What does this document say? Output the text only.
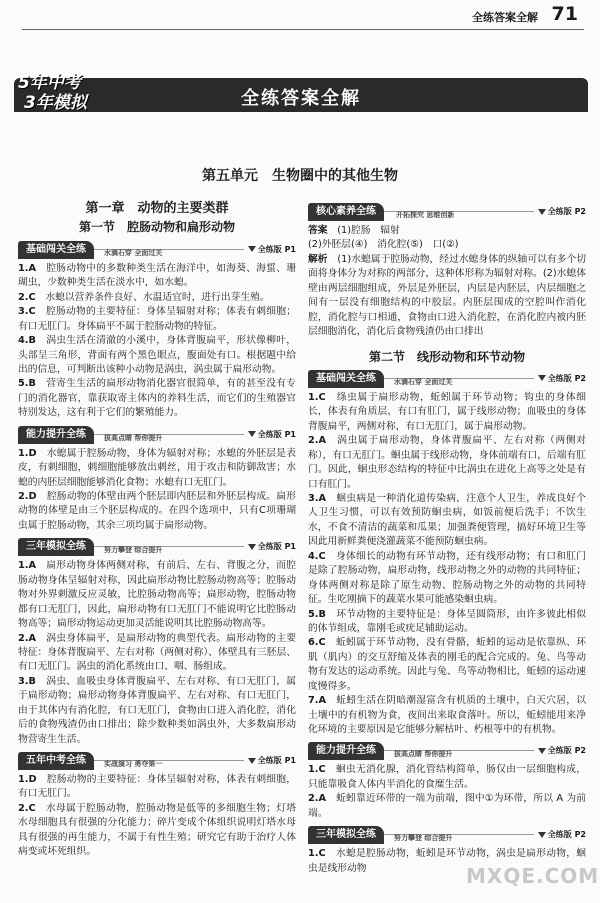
全练答案全解 71
5年中考
3年模拟	全练答案全解
第五单元　生物圈中的其他生物
第一章　动物的主要类群
第一节　腔肠动物和扁形动物
基础闯关全练	水滴石穿 全面过关	全练版 P1

1.A　 腔肠动物中的多数种类生活在海洋中，如海葵、海蜇、珊瑚虫，少数种类生活在淡水中，如水螅。

2.C　 水螅以营养条件良好、水温适宜时，进行出芽生殖。

3.C　 腔肠动物的主要特征：身体呈辐射对称；体表有刺细胞；有口无肛门。身体扁平不属于腔肠动物的特征。

4.B　 涡虫生活在清澈的小溪中，身体背腹扁平，形状像柳叶，头部呈三角形，背面有两个黑色眼点，腹面处有口。根据题中给出的信息，可判断出该种小动物是涡虫，涡虫属于扁形动物。

5.B　 营寄生生活的扁形动物消化器官很简单，有的甚至没有专门的消化器官，靠获取寄主体内的养料生活，而它们的生殖器官特别发达，这有利于它们的繁殖能力。

能力提升全练	拔高点睛 帮你提升	全练版 P1

1.D　 水螅属于腔肠动物，身体为辐射对称；水螅的外胚层是表皮，有刺细胞，刺细胞能够放出刺丝，用于攻击和防御敌害；水螅的内胚层细胞能够消化食物；水螅有口无肛门。

2.D　 腔肠动物的体壁由两个胚层即内胚层和外胚层构成。扁形动物的体壁是由三个胚层构成的。在四个选项中，只有C项珊瑚虫属于腔肠动物，其余三项均属于扁形动物。

三年模拟全练	努力攀登 综合提升	全练版 P1

1.A　 扁形动物身体两侧对称，有前后、左右、背腹之分，而腔肠动物身体呈辐射对称，因此扁形动物比腔肠动物高等；腔肠动物对外界刺激反应灵敏，比腔肠动物高等；扁形动物，腔肠动物都有口无肛门，因此，扁形动物有口无肛门不能说明它比腔肠动物高等；扁形动物运动更加灵活能说明其比腔肠动物高等。

2.A　 涡虫身体扁平，是扁形动物的典型代表。扁形动物的主要特征：身体背腹扁平、左右对称（两侧对称）、体壁具有三胚层、有口无肛门。涡虫的消化系统由口、咽、肠组成。

3.B　 涡虫、血吸虫身体背腹扁平、左右对称、有口无肛门，属于扁形动物；扁形动物身体背腹扁平、左右对称、有口无肛门，由于其体内有消化腔，有口无肛门，食物由口进入消化腔，消化后的食物残渣仍由口排出；除少数种类如涡虫外，大多数扁形动物营寄生生活。

五年中考全练	实战演习 勇夺第一	全练版 P1

1.D　 腔肠动物的主要特征：身体呈辐射对称，体表有刺细胞，有口无肛门。

2.C　 水母属于腔肠动物，腔肠动物是低等的多细胞生物；灯塔水母细胞具有很强的分化能力；碎片变成个体组织说明灯塔水母具有很强的再生能力，不属于有性生殖；研究它有助于治疗人体病变或坏死组织。

核心素养全练	开拓探究 思维创新	全练版 P2

答案　 (1)腔肠　辐射

(2)外胚层(④)　消化腔(⑤)　口(②)

解析　 (1)水螅属于腔肠动物，经过水螅身体的纵轴可以有多个切面将身体分为对称的两部分，这种体形称为辐射对称。(2)水螅体壁由两层细胞组成，外层是外胚层，内层是内胚层，内层细胞之间有一层没有细胞结构的中胶层。内胚层围成的空腔叫作消化腔，消化腔与口相通，食物由口进入消化腔，在消化腔内被内胚层细胞消化，消化后食物残渣仍由口排出

第二节　线形动物和环节动物
基础闯关全练	水滴石穿 全面过关	全练版 P2

1.C　 绦虫属于扁形动物，蚯蚓属于环节动物；钩虫的身体细长，体表有角质层，有口有肛门，属于线形动物；血吸虫的身体背腹扁平，两侧对称，有口无肛门，属于扁形动物。

2.A　 涡虫属于扁形动物，身体背腹扁平、左右对称（两侧对称），有口无肛门。蛔虫属于线形动物，身体前端有口，后端有肛门。因此，蛔虫形态结构的特征中比涡虫在进化上高等之处是有口有肛门。

3.A　 蛔虫病是一种消化道传染病，注意个人卫生，养成良好个人卫生习惯，可以有效预防蛔虫病，如饭前便后洗手；不饮生水，不食不清洁的蔬菜和瓜果；加强粪便管理，搞好环境卫生等　因此用新鲜粪便浇灌蔬菜不能预防蛔虫病。

4.C　 身体细长的动物有环节动物，还有线形动物；有口和肛门是除了腔肠动物，扁形动物，线形动物之外的动物的共同特征；身体两侧对称是除了原生动物、腔肠动物之外的动物的共同特征。生吃刚摘下的蔬菜水果可能感染蛔虫病。

5.B　 环节动物的主要特征是：身体呈圆筒形，由许多彼此相似的体节组成，靠刚毛或疣足辅助运动。

6.C　 蚯蚓属于环节动物，没有骨骼，蚯蚓的运动是依靠纵、环肌（肌内）的交互舒缩及体表的刚毛的配合完成的。兔、鸟等动物有发达的运动系统。因此与兔、鸟等动物相比，蚯蚓的运动速度慢得多。

7.A　 蚯蚓生活在阴暗潮湿富含有机质的土壤中，白天穴居，以土壤中的有机物为食，夜间出来取食落叶。所以，蚯蚓能用来净化环境的主要原因是它能够分解枯叶、朽根等中的有机物。

能力提升全练	拔高点睛 帮你提升	全练版 P2

1.C　 蛔虫无消化腺，消化管结构简单，肠仅由一层细胞构成，只能靠吸食人体内半消化的食糜生活。

2.A　 蚯蚓靠近环带的一端为前端，图中①为环带，所以 A 为前端。

三年模拟全练	努力攀登 综合提升	全练版 P2

1.C　 水螅是腔肠动物，蚯蚓是环节动物，涡虫是扁形动物，蛔虫是线形动物	MXQE.COM
